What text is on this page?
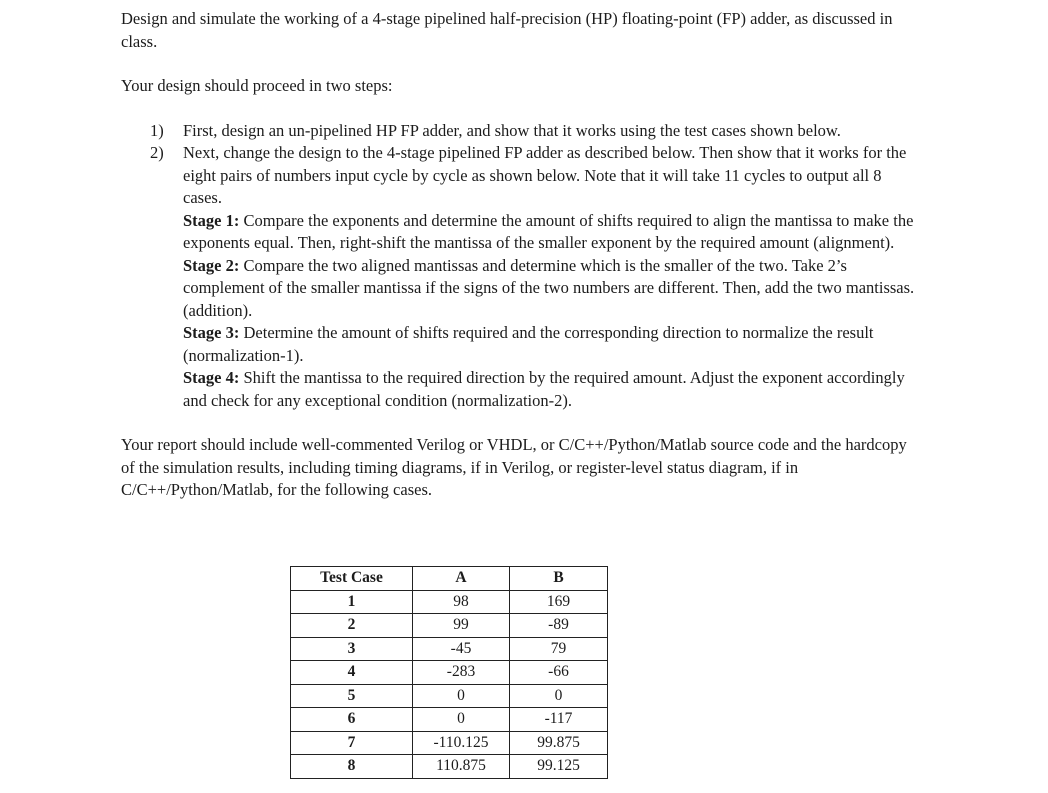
Design and simulate the working of a 4-stage pipelined half-precision (HP) floating-point (FP) adder, as discussed in class.

Your design should proceed in two steps:

1) First, design an un-pipelined HP FP adder, and show that it works using the test cases shown below.
2) Next, change the design to the 4-stage pipelined FP adder as described below. Then show that it works for the eight pairs of numbers input cycle by cycle as shown below. Note that it will take 11 cycles to output all 8 cases.
Stage 1: Compare the exponents and determine the amount of shifts required to align the mantissa to make the exponents equal. Then, right-shift the mantissa of the smaller exponent by the required amount (alignment).
Stage 2: Compare the two aligned mantissas and determine which is the smaller of the two. Take 2’s complement of the smaller mantissa if the signs of the two numbers are different. Then, add the two mantissas. (addition).
Stage 3: Determine the amount of shifts required and the corresponding direction to normalize the result (normalization-1).
Stage 4: Shift the mantissa to the required direction by the required amount. Adjust the exponent accordingly and check for any exceptional condition (normalization-2).

Your report should include well-commented Verilog or VHDL, or C/C++/Python/Matlab source code and the hardcopy of the simulation results, including timing diagrams, if in Verilog, or register-level status diagram, if in C/C++/Python/Matlab, for the following cases.

Test Case	A	B
1	98	169
2	99	-89
3	-45	79
4	-283	-66
5	0	0
6	0	-117
7	-110.125	99.875
8	110.875	99.125
